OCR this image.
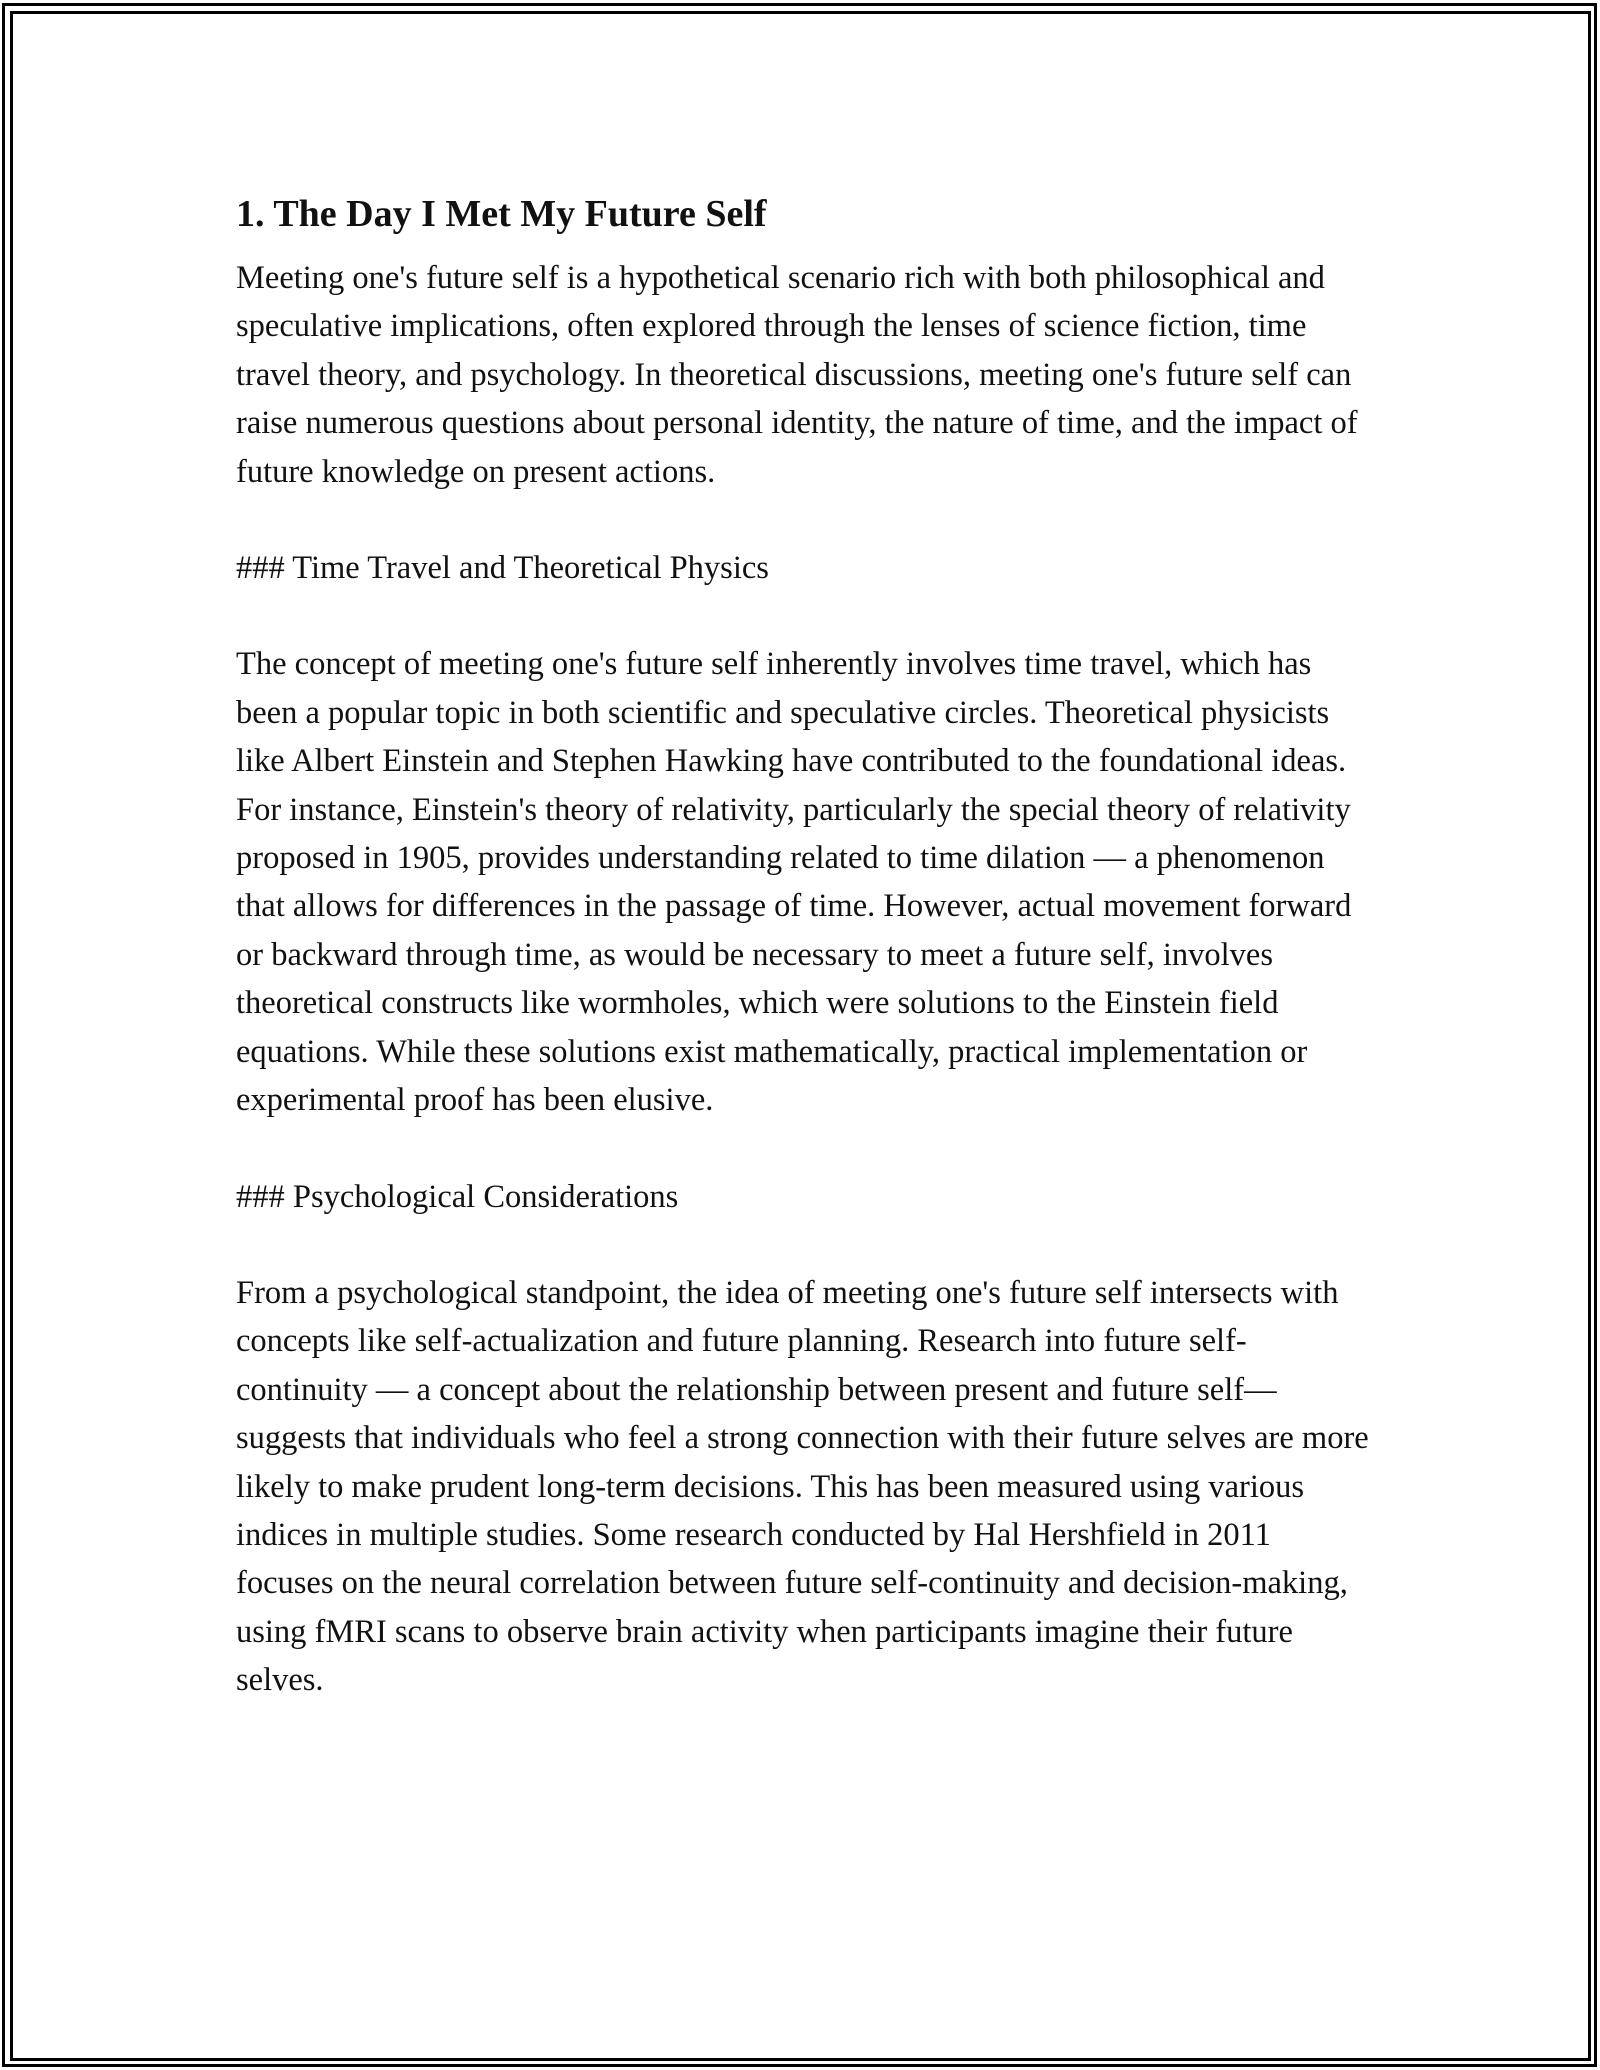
1. The Day I Met My Future Self

Meeting one's future self is a hypothetical scenario rich with both philosophical and speculative implications, often explored through the lenses of science fiction, time travel theory, and psychology. In theoretical discussions, meeting one's future self can raise numerous questions about personal identity, the nature of time, and the impact of future knowledge on present actions.

### Time Travel and Theoretical Physics

The concept of meeting one's future self inherently involves time travel, which has been a popular topic in both scientific and speculative circles. Theoretical physicists like Albert Einstein and Stephen Hawking have contributed to the foundational ideas. For instance, Einstein's theory of relativity, particularly the special theory of relativity proposed in 1905, provides understanding related to time dilation — a phenomenon that allows for differences in the passage of time. However, actual movement forward or backward through time, as would be necessary to meet a future self, involves theoretical constructs like wormholes, which were solutions to the Einstein field equations. While these solutions exist mathematically, practical implementation or experimental proof has been elusive.

### Psychological Considerations

From a psychological standpoint, the idea of meeting one's future self intersects with concepts like self-actualization and future planning. Research into future self-continuity — a concept about the relationship between present and future self— suggests that individuals who feel a strong connection with their future selves are more likely to make prudent long-term decisions. This has been measured using various indices in multiple studies. Some research conducted by Hal Hershfield in 2011 focuses on the neural correlation between future self-continuity and decision-making, using fMRI scans to observe brain activity when participants imagine their future selves.
